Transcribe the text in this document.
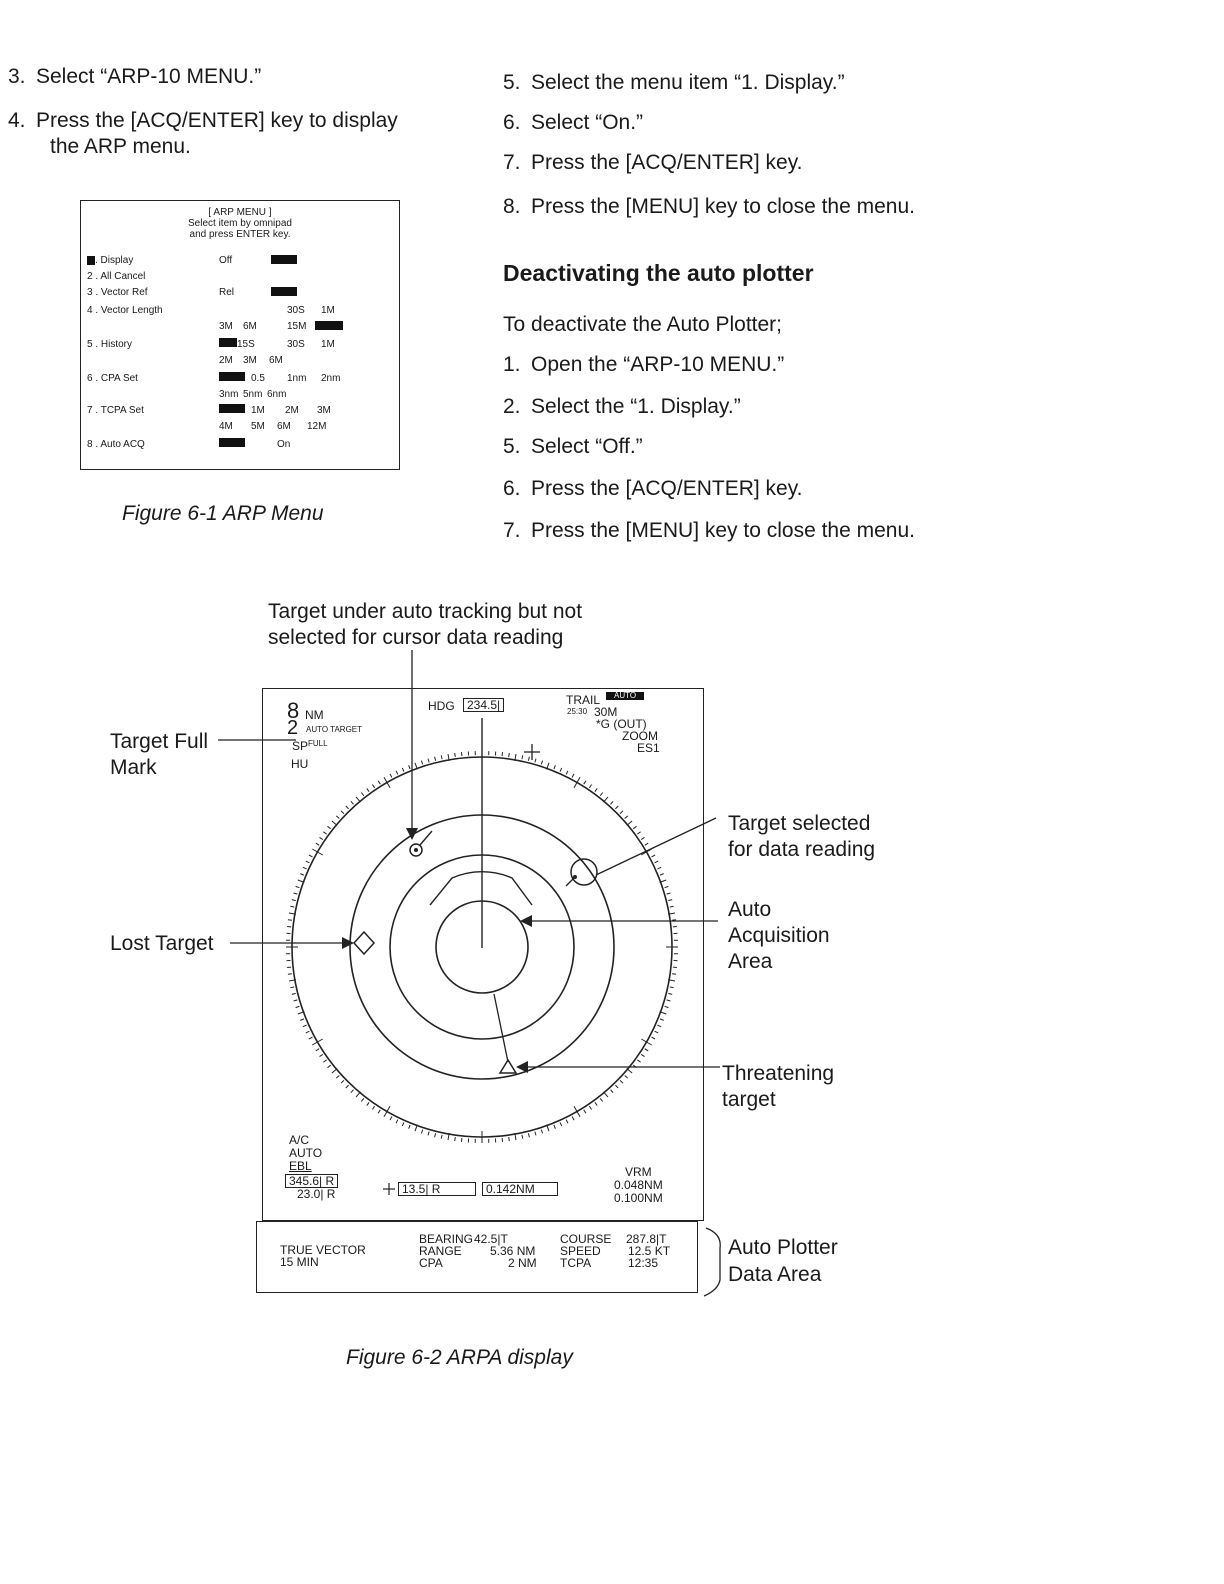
3. Select “ARP-10 MENU.”
4. Press the [ACQ/ENTER] key to display
the ARP menu.
[ ARP MENU ]
Select item by omnipad
and press ENTER key.
. Display	Off
2 . All Cancel
3 . Vector Ref	Rel
4 . Vector Length	30S 1M
3M 6M	15M
5 . History	15S	30S 1M
2M 3M 6M
6 . CPA Set	0.5 1nm 2nm
3nm 5nm 6nm
7 . TCPA Set	1M 2M 3M
4M 5M 6M 12M
8 . Auto ACQ	On
Figure 6-1 ARP Menu
5. Select the menu item “1. Display.”
6. Select “On.”
7. Press the [ACQ/ENTER] key.
8. Press the [MENU] key to close the menu.
Deactivating the auto plotter
To deactivate the Auto Plotter;
1. Open the “ARP-10 MENU.”
2. Select the “1. Display.”
5. Select “Off.”
6. Press the [ACQ/ENTER] key.
7. Press the [MENU] key to close the menu.
Target under auto tracking but not
selected for cursor data reading
8 NM
2 AUTO TARGET
SP FULL
HU
HDG	234.5|	TRAIL	AUTO
25:30 30M
*G (OUT)
ZOOM
ES1
A/C
AUTO
EBL
345.6| R
23.0| R	13.5| R	0.142NM
VRM
0.048NM
0.100NM
TRUE VECTOR
15 MIN
BEARING 42.5|T
RANGE 5.36 NM
CPA	2 NM
COURSE 287.8|T
SPEED 12.5 KT
TCPA	12:35
Target Full
Mark
Lost Target
Target selected
for data reading
Auto
Acquisition
Area
Threatening
target
Auto Plotter
Data Area
Figure 6-2 ARPA display
